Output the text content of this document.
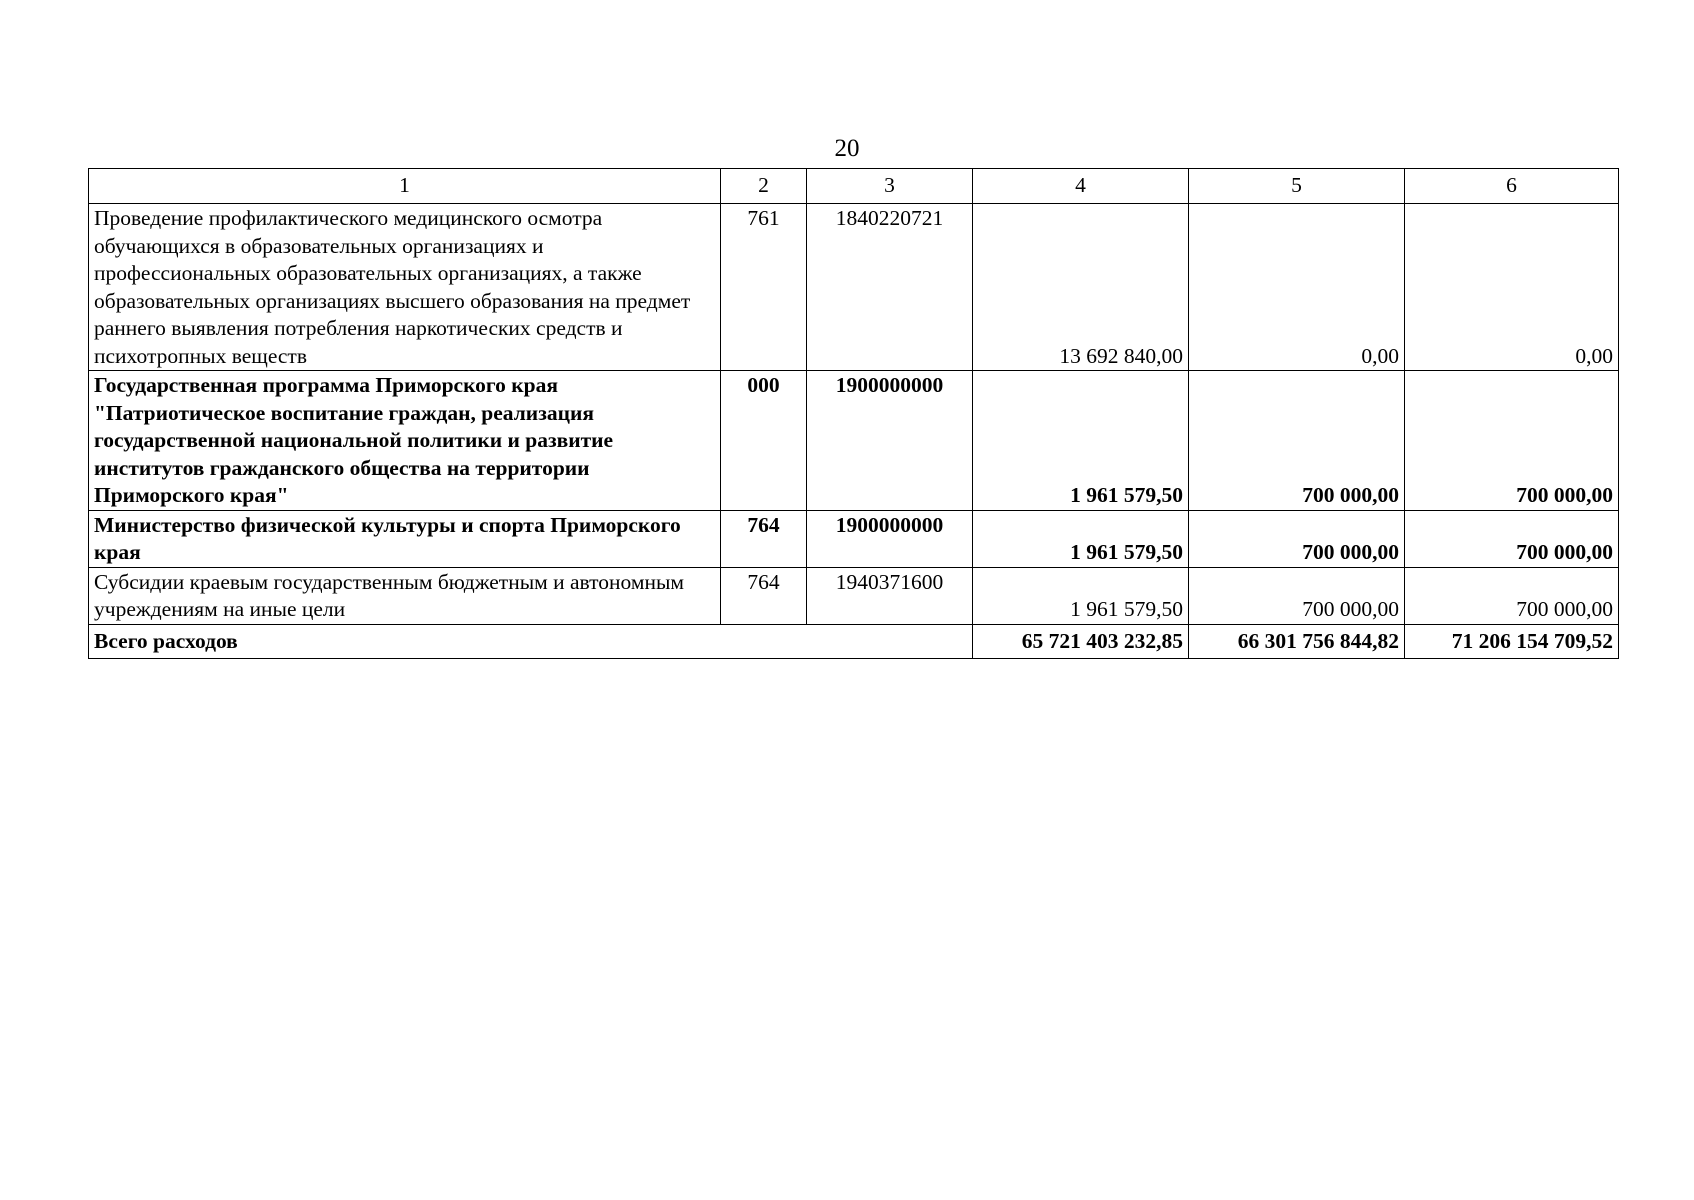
20
1	2	3	4	5	6
Проведение профилактического медицинского осмотра обучающихся в образовательных организациях и профессиональных образовательных организациях, а также образовательных организациях высшего образования на предмет раннего выявления потребления наркотических средств и психотропных веществ	761	1840220721	13 692 840,00	0,00	0,00
Государственная программа Приморского края "Патриотическое воспитание граждан, реализация государственной национальной политики и развитие институтов гражданского общества на территории Приморского края"	000	1900000000	1 961 579,50	700 000,00	700 000,00
Министерство физической культуры и спорта Приморского края	764	1900000000	1 961 579,50	700 000,00	700 000,00
Субсидии краевым государственным бюджетным и автономным учреждениям на иные цели	764	1940371600	1 961 579,50	700 000,00	700 000,00
Всего расходов			65 721 403 232,85	66 301 756 844,82	71 206 154 709,52
